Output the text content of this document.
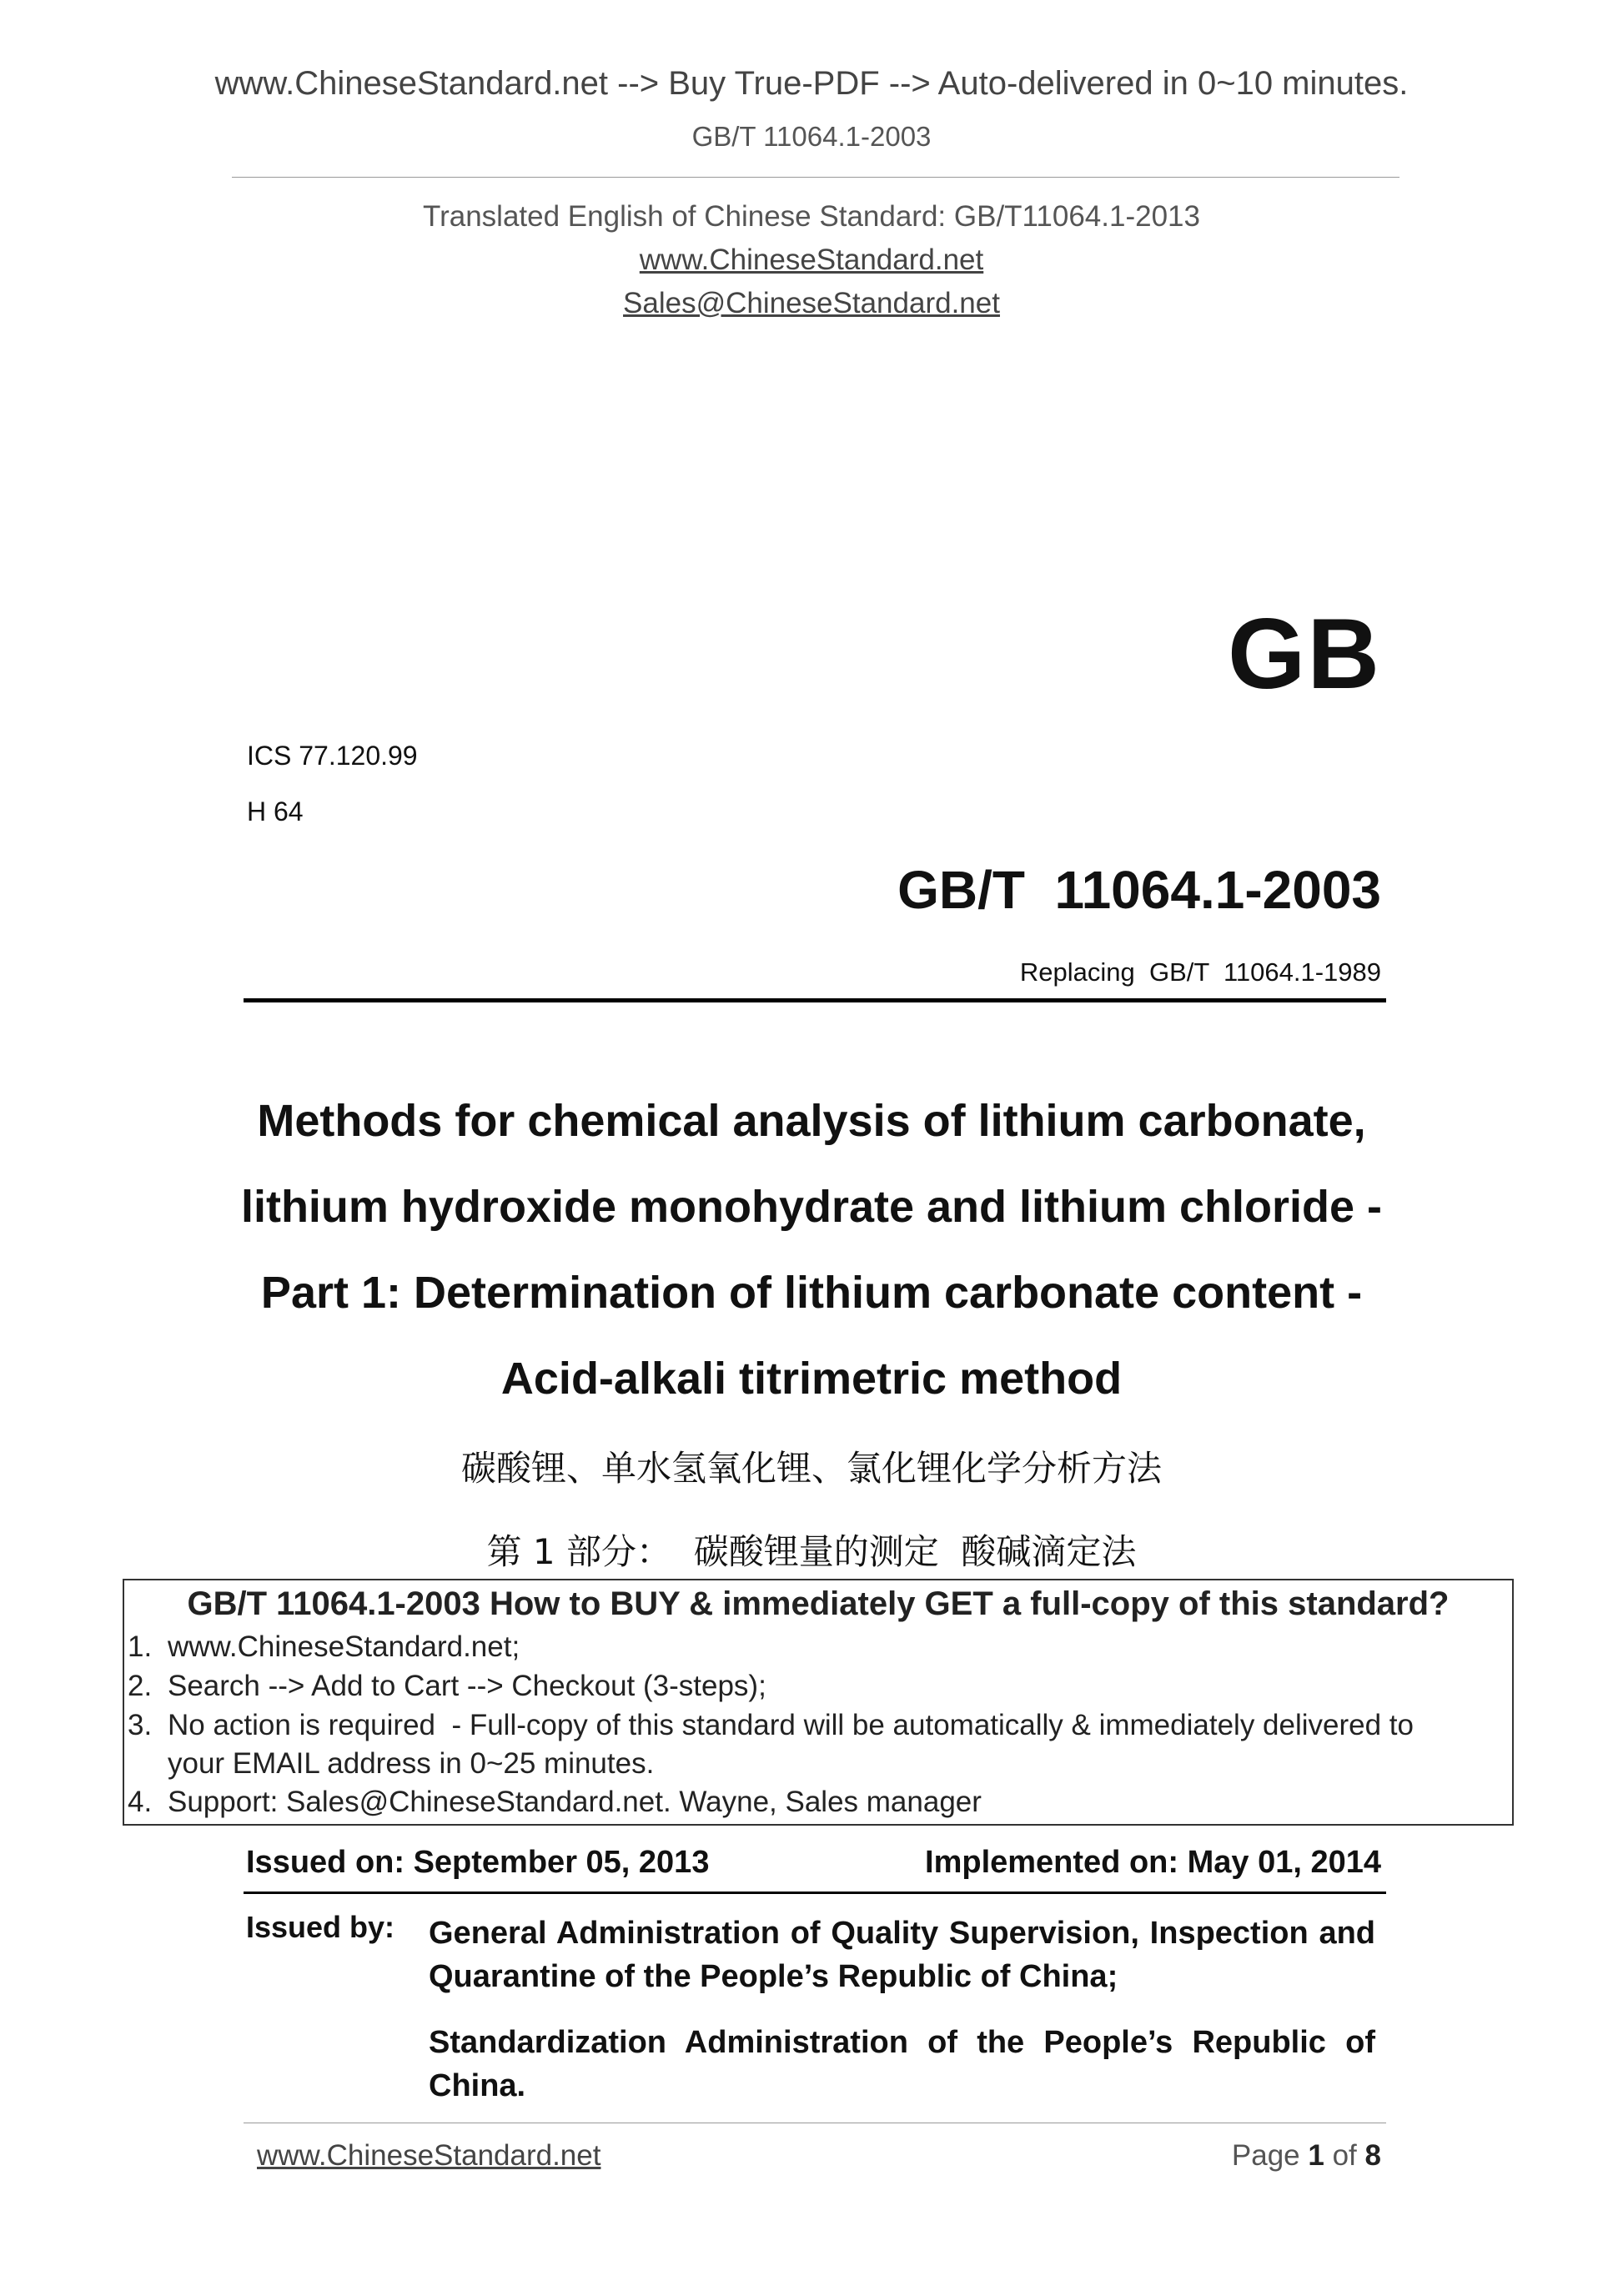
www.ChineseStandard.net --> Buy True-PDF --> Auto-delivered in 0~10 minutes.
GB/T 11064.1-2003
Translated English of Chinese Standard: GB/T11064.1-2013
www.ChineseStandard.net
Sales@ChineseStandard.net
GB
ICS 77.120.99
H 64
GB/T  11064.1-2003
Replacing  GB/T  11064.1-1989
Methods for chemical analysis of lithium carbonate,
lithium hydroxide monohydrate and lithium chloride -
Part 1: Determination of lithium carbonate content -
Acid-alkali titrimetric method
碳酸锂、单水氢氧化锂、氯化锂化学分析方法
第 1 部分：  碳酸锂量的测定  酸碱滴定法
GB/T 11064.1-2003 How to BUY & immediately GET a full-copy of this standard?
1. www.ChineseStandard.net;
2. Search --> Add to Cart --> Checkout (3-steps);
3. No action is required  - Full-copy of this standard will be automatically & immediately delivered to
your EMAIL address in 0~25 minutes.
4. Support: Sales@ChineseStandard.net. Wayne, Sales manager
Issued on: September 05, 2013	Implemented on: May 01, 2014
Issued by: General Administration of Quality Supervision, Inspection and Quarantine of the People’s Republic of China;
Standardization Administration of the People’s Republic of China.
www.ChineseStandard.net	Page 1 of 8
